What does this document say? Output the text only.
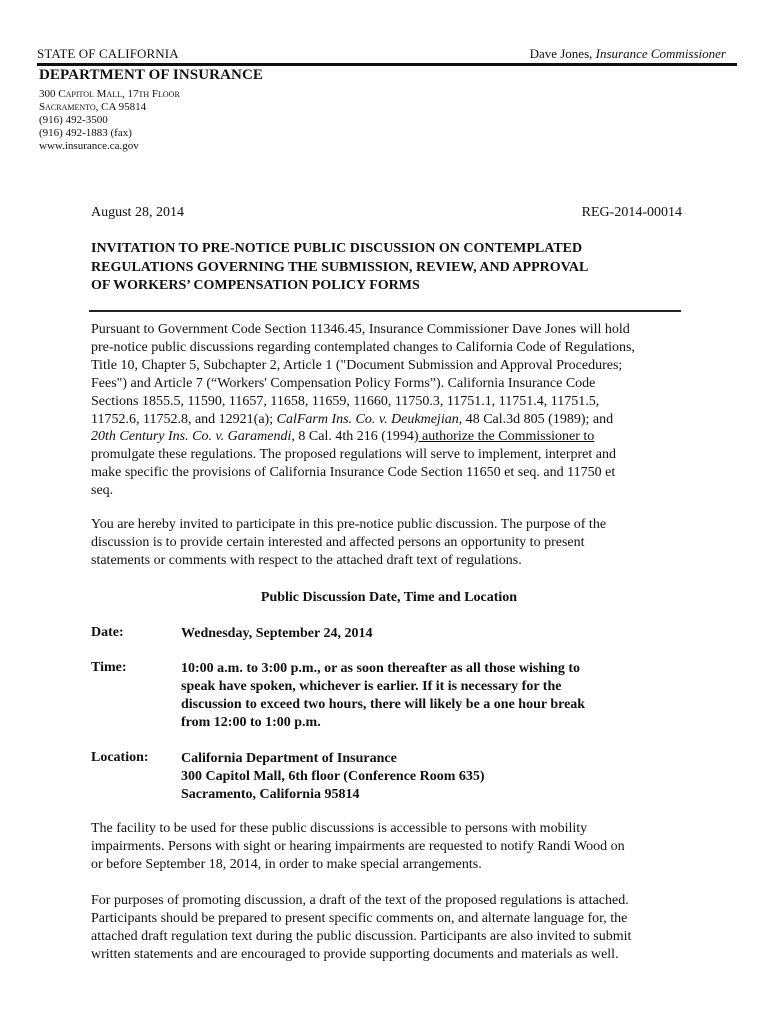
STATE OF CALIFORNIA	Dave Jones, Insurance Commissioner
DEPARTMENT OF INSURANCE
300 Capitol Mall, 17th Floor
Sacramento, CA 95814
(916) 492-3500
(916) 492-1883 (fax)
www.insurance.ca.gov
August 28, 2014	REG-2014-00014
INVITATION TO PRE-NOTICE PUBLIC DISCUSSION ON CONTEMPLATED
REGULATIONS GOVERNING THE SUBMISSION, REVIEW, AND APPROVAL
OF WORKERS’ COMPENSATION POLICY FORMS
Pursuant to Government Code Section 11346.45, Insurance Commissioner Dave Jones will hold
pre-notice public discussions regarding contemplated changes to California Code of Regulations,
Title 10, Chapter 5, Subchapter 2, Article 1 ("Document Submission and Approval Procedures;
Fees") and Article 7 (“Workers' Compensation Policy Forms”). California Insurance Code
Sections 1855.5, 11590, 11657, 11658, 11659, 11660, 11750.3, 11751.1, 11751.4, 11751.5,
11752.6, 11752.8, and 12921(a); CalFarm Ins. Co. v. Deukmejian, 48 Cal.3d 805 (1989); and
20th Century Ins. Co. v. Garamendi, 8 Cal. 4th 216 (1994) authorize the Commissioner to
promulgate these regulations. The proposed regulations will serve to implement, interpret and
make specific the provisions of California Insurance Code Section 11650 et seq. and 11750 et
seq.
You are hereby invited to participate in this pre-notice public discussion. The purpose of the
discussion is to provide certain interested and affected persons an opportunity to present
statements or comments with respect to the attached draft text of regulations.
Public Discussion Date, Time and Location
Date:	Wednesday, September 24, 2014
Time:	10:00 a.m. to 3:00 p.m., or as soon thereafter as all those wishing to
speak have spoken, whichever is earlier. If it is necessary for the
discussion to exceed two hours, there will likely be a one hour break
from 12:00 to 1:00 p.m.
Location: California Department of Insurance
300 Capitol Mall, 6th floor (Conference Room 635)
Sacramento, California 95814
The facility to be used for these public discussions is accessible to persons with mobility
impairments. Persons with sight or hearing impairments are requested to notify Randi Wood on
or before September 18, 2014, in order to make special arrangements.
For purposes of promoting discussion, a draft of the text of the proposed regulations is attached.
Participants should be prepared to present specific comments on, and alternate language for, the
attached draft regulation text during the public discussion. Participants are also invited to submit
written statements and are encouraged to provide supporting documents and materials as well.
